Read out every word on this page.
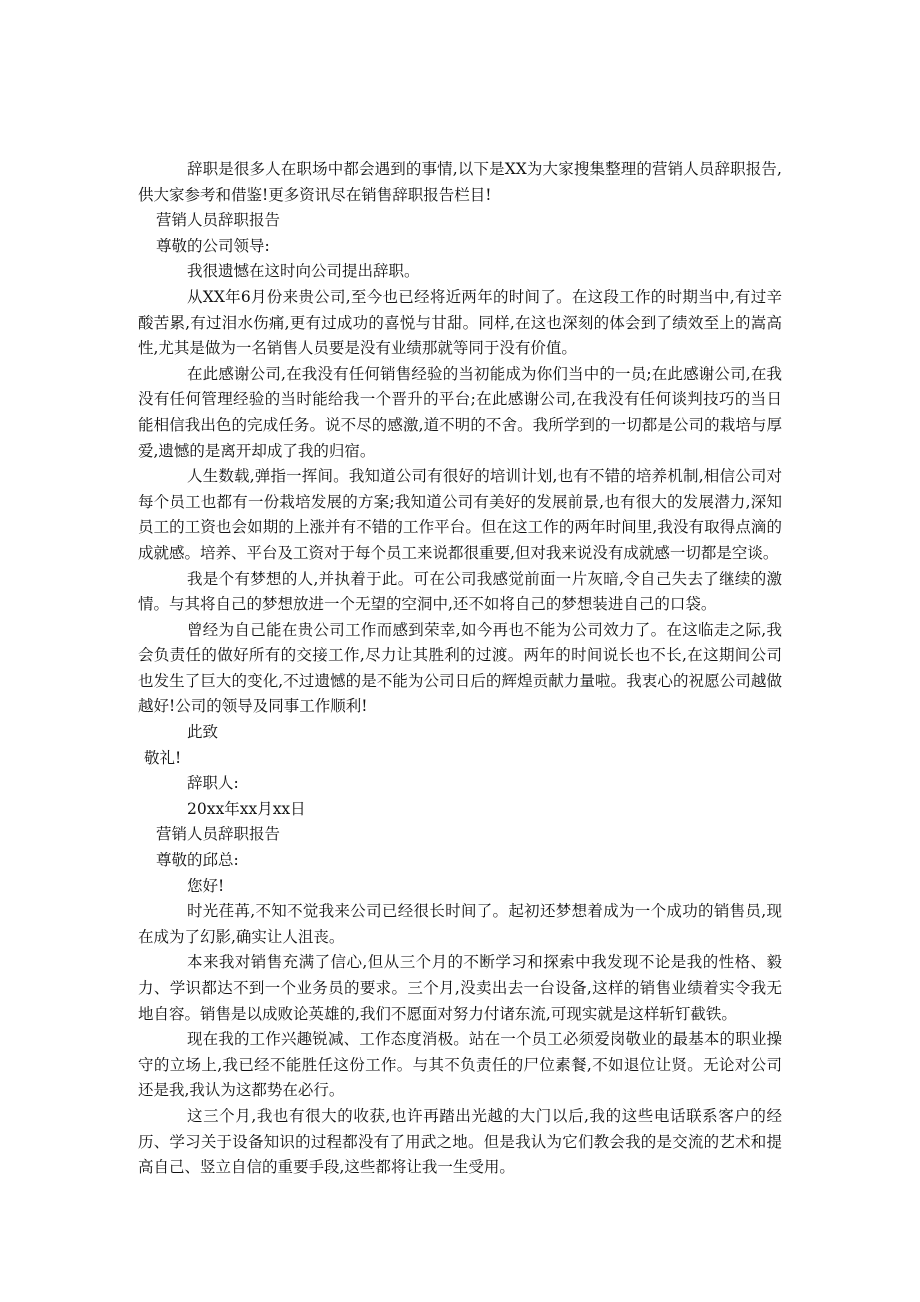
辞职是很多人在职场中都会遇到的事情,以下是XX为大家搜集整理的营销人员辞职报告,供大家参考和借鉴!更多资讯尽在销售辞职报告栏目!

营销人员辞职报告

尊敬的公司领导:

我很遗憾在这时向公司提出辞职。

从XX年6月份来贵公司,至今也已经将近两年的时间了。在这段工作的时期当中,有过辛酸苦累,有过泪水伤痛,更有过成功的喜悦与甘甜。同样,在这也深刻的体会到了绩效至上的嵩高性,尤其是做为一名销售人员要是没有业绩那就等同于没有价值。

在此感谢公司,在我没有任何销售经验的当初能成为你们当中的一员;在此感谢公司,在我没有任何管理经验的当时能给我一个晋升的平台;在此感谢公司,在我没有任何谈判技巧的当日能相信我出色的完成任务。说不尽的感激,道不明的不舍。我所学到的一切都是公司的栽培与厚爱,遗憾的是离开却成了我的归宿。

人生数载,弹指一挥间。我知道公司有很好的培训计划,也有不错的培养机制,相信公司对每个员工也都有一份栽培发展的方案;我知道公司有美好的发展前景,也有很大的发展潜力,深知员工的工资也会如期的上涨并有不错的工作平台。但在这工作的两年时间里,我没有取得点滴的成就感。培养、平台及工资对于每个员工来说都很重要,但对我来说没有成就感一切都是空谈。

我是个有梦想的人,并执着于此。可在公司我感觉前面一片灰暗,令自己失去了继续的激情。与其将自己的梦想放进一个无望的空洞中,还不如将自己的梦想装进自己的口袋。

曾经为自己能在贵公司工作而感到荣幸,如今再也不能为公司效力了。在这临走之际,我会负责任的做好所有的交接工作,尽力让其胜利的过渡。两年的时间说长也不长,在这期间公司也发生了巨大的变化,不过遗憾的是不能为公司日后的辉煌贡献力量啦。我衷心的祝愿公司越做越好!公司的领导及同事工作顺利!

此致

敬礼!

辞职人:

20xx年xx月xx日

营销人员辞职报告

尊敬的邱总:

您好!

时光荏苒,不知不觉我来公司已经很长时间了。起初还梦想着成为一个成功的销售员,现在成为了幻影,确实让人沮丧。

本来我对销售充满了信心,但从三个月的不断学习和探索中我发现不论是我的性格、毅力、学识都达不到一个业务员的要求。三个月,没卖出去一台设备,这样的销售业绩着实令我无地自容。销售是以成败论英雄的,我们不愿面对努力付诸东流,可现实就是这样斩钉截铁。

现在我的工作兴趣锐减、工作态度消极。站在一个员工必须爱岗敬业的最基本的职业操守的立场上,我已经不能胜任这份工作。与其不负责任的尸位素餐,不如退位让贤。无论对公司还是我,我认为这都势在必行。

这三个月,我也有很大的收获,也许再踏出光越的大门以后,我的这些电话联系客户的经历、学习关于设备知识的过程都没有了用武之地。但是我认为它们教会我的是交流的艺术和提高自己、竖立自信的重要手段,这些都将让我一生受用。
